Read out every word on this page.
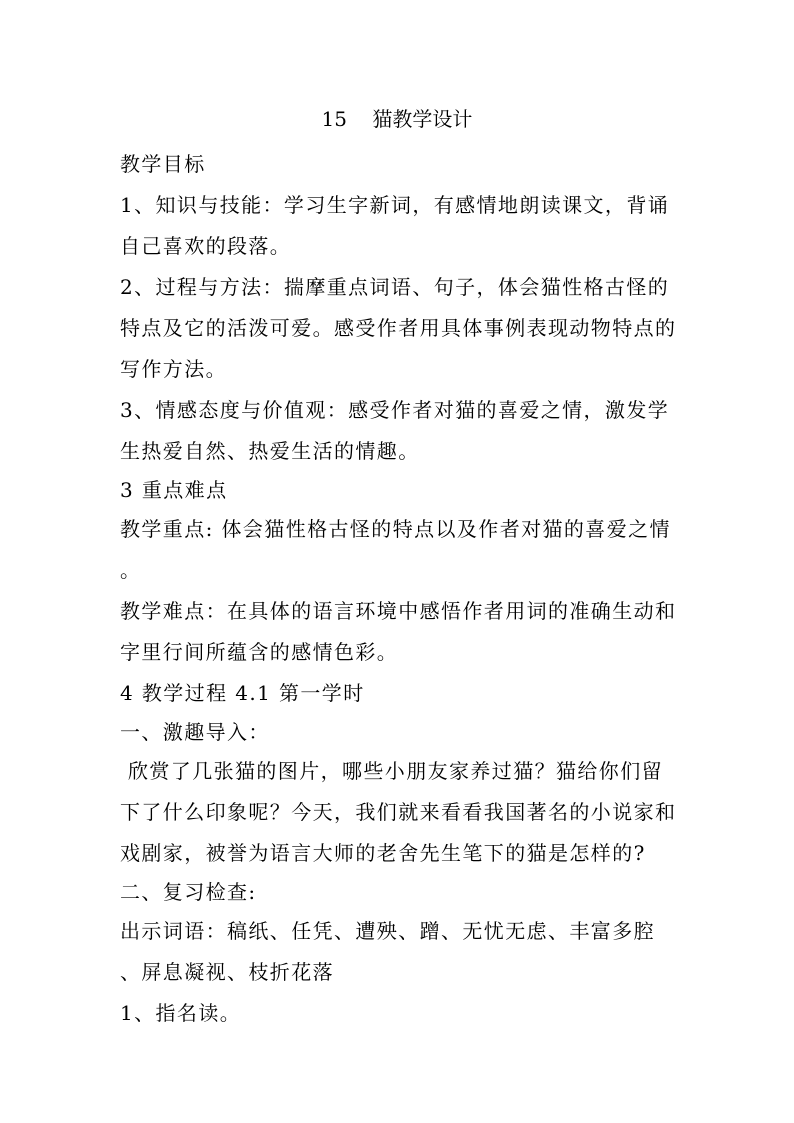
15    猫教学设计

教学目标

1、知识与技能：学习生字新词，有感情地朗读课文，背诵自己喜欢的段落。

2、过程与方法：揣摩重点词语、句子，体会猫性格古怪的特点及它的活泼可爱。感受作者用具体事例表现动物特点的写作方法。

3、情感态度与价值观：感受作者对猫的喜爱之情，激发学生热爱自然、热爱生活的情趣。

3 重点难点

教学重点: 体会猫性格古怪的特点以及作者对猫的喜爱之情 。

教学难点：在具体的语言环境中感悟作者用词的准确生动和字里行间所蕴含的感情色彩。

4 教学过程 4.1 第一学时

一、激趣导入：

欣赏了几张猫的图片，哪些小朋友家养过猫？猫给你们留下了什么印象呢？今天，我们就来看看我国著名的小说家和戏剧家，被誉为语言大师的老舍先生笔下的猫是怎样的?

二、复习检查:

出示词语：稿纸、任凭、遭殃、蹭、无忧无虑、丰富多腔 、屏息凝视、枝折花落

1、指名读。
